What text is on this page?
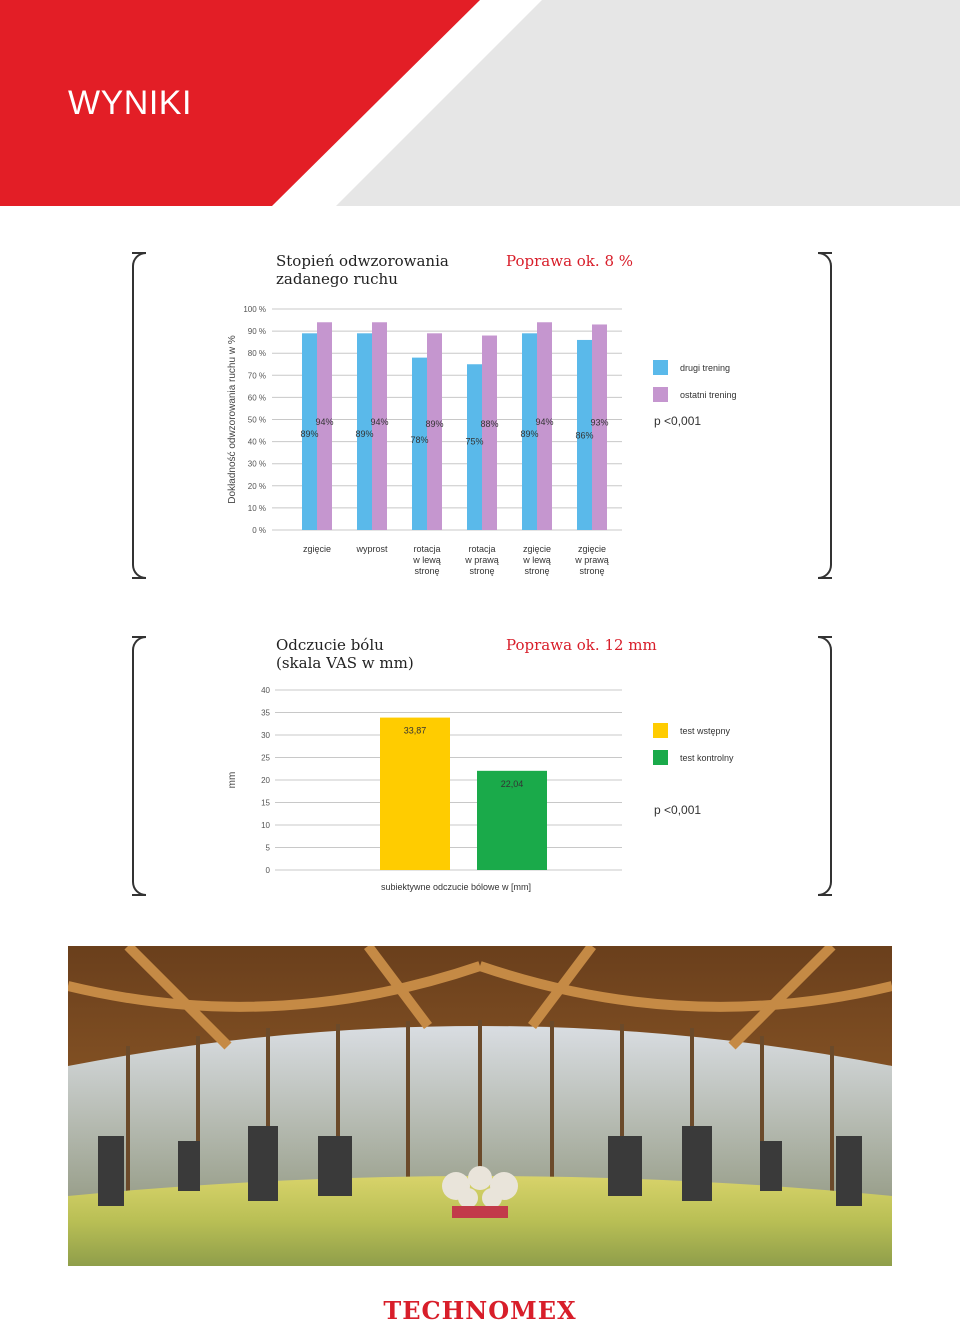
WYNIKI
Stopień odwzorowania
zadanego ruchu
Poprawa ok. 8 %
100 %
90 %
80 %
70 %
60 %
50 %
40 %
30 %
20 %
10 %
0 %
Dokładność odwzorowania ruchu w %	89%
94%
zgięcie
89%
94%
wyprost
78%
89%
rotacja w lewą stronę
75%
88%
rotacja w prawą stronę
89%
94%
zgięcie w lewą stronę
86%
93%
zgięcie w prawą stronę
drugi trening
ostatni trening
p <0,001
Odczucie bólu
(skala VAS w mm)
Poprawa ok. 12 mm
40
35
30
25
20
15
10
5
0
mm
33,87
22,04
subiektywne odczucie bólowe w [mm]
test wstępny
test kontrolny
p <0,001
TECHNOMEX
